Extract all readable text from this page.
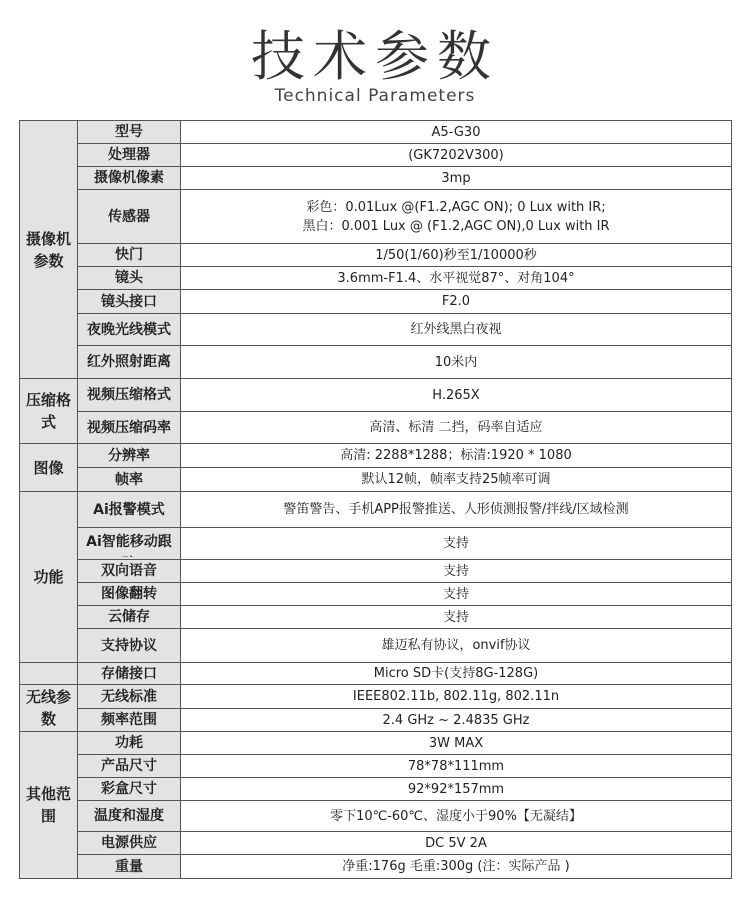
技术参数
Technical Parameters
摄像机参数	型号	A5-G30
	处理器	(GK7202V300)
	摄像机像素	3mp
	传感器	彩色：0.01Lux @(F1.2,AGC ON); 0 Lux with IR;
黑白：0.001 Lux @ (F1.2,AGC ON),0 Lux with IR

	快门	1/50(1/60)秒至1/10000秒
	镜头	3.6mm-F1.4、水平视觉87°、对角104°
	镜头接口	F2.0
	夜晚光线模式	红外线黑白夜视
	红外照射距离	10米内
压缩格式	视频压缩格式	H.265X
	视频压缩码率	高清、标清 二挡，码率自适应
图像	分辨率	高清: 2288*1288；标清:1920 * 1080
	帧率	默认12帧，帧率支持25帧率可调
功能	Ai报警模式	警笛警告、手机APP报警推送、人形侦测报警/拌线/区域检测

	Ai智能移动跟	支持
	双向语音	支持
	图像翻转	支持
	云储存	支持
	支持协议	雄迈私有协议，onvif协议
	存储接口	Micro SD卡(支持8G-128G)
无线参数	无线标准	IEEE802.11b, 802.11g, 802.11n
	频率范围	2.4 GHz ~ 2.4835 GHz
其他范围	功耗	3W MAX
	产品尺寸	78*78*111mm
	彩盒尺寸	92*92*157mm
	温度和湿度	零下10℃-60℃、湿度小于90%【无凝结】
	电源供应	DC 5V 2A
	重量	净重:176g 毛重:300g (注：实际产品 )
